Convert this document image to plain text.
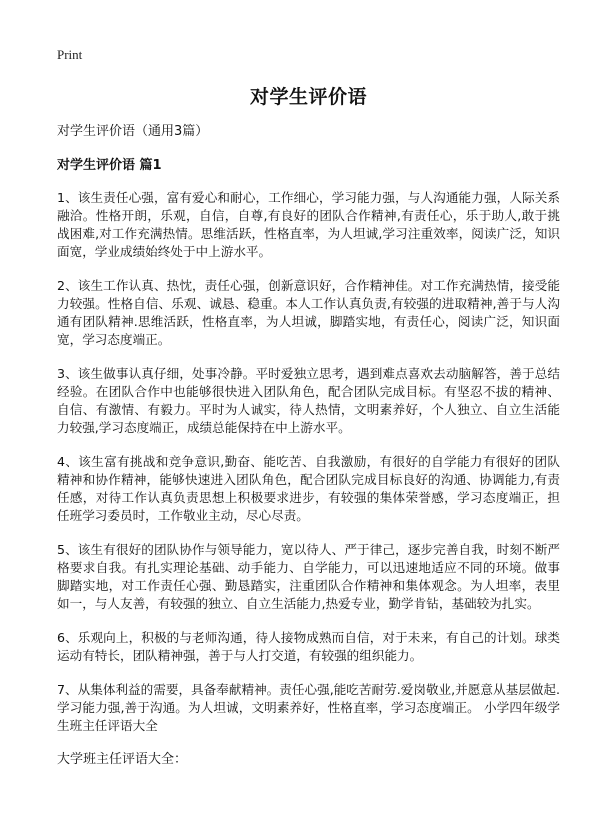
Print
对学生评价语

对学生评价语（通用3篇）

对学生评价语 篇1

1、该生责任心强，富有爱心和耐心，工作细心，学习能力强，与人沟通能力强，人际关系融洽。性格开朗，乐观，自信，自尊,有良好的团队合作精神,有责任心，乐于助人,敢于挑战困难,对工作充满热情。思维活跃，性格直率，为人坦诚,学习注重效率，阅读广泛，知识面宽，学业成绩始终处于中上游水平。

2、该生工作认真、热忱，责任心强，创新意识好，合作精神佳。对工作充满热情，接受能力较强。性格自信、乐观、诚恳、稳重。本人工作认真负责,有较强的进取精神,善于与人沟通有团队精神.思维活跃，性格直率，为人坦诚，脚踏实地，有责任心，阅读广泛，知识面宽，学习态度端正。

3、该生做事认真仔细，处事冷静。平时爱独立思考，遇到难点喜欢去动脑解答，善于总结经验。在团队合作中也能够很快进入团队角色，配合团队完成目标。有坚忍不拔的精神、自信、有激情、有毅力。平时为人诚实，待人热情，文明素养好，个人独立、自立生活能力较强,学习态度端正，成绩总能保持在中上游水平。

4、该生富有挑战和竞争意识,勤奋、能吃苦、自我激励，有很好的自学能力有很好的团队精神和协作精神，能够快速进入团队角色，配合团队完成目标良好的沟通、协调能力,有责任感，对待工作认真负责思想上积极要求进步，有较强的集体荣誉感，学习态度端正，担任班学习委员时，工作敬业主动，尽心尽责。

5、该生有很好的团队协作与领导能力，宽以待人、严于律己，逐步完善自我，时刻不断严格要求自我。有扎实理论基础、动手能力、自学能力，可以迅速地适应不同的环境。做事脚踏实地，对工作责任心强、勤恳踏实，注重团队合作精神和集体观念。为人坦率，表里如一，与人友善，有较强的独立、自立生活能力,热爱专业，勤学肯钻，基础较为扎实。

6、乐观向上，积极的与老师沟通，待人接物成熟而自信，对于未来，有自己的计划。球类运动有特长，团队精神强，善于与人打交道，有较强的组织能力。

7、从集体利益的需要，具备奉献精神。责任心强,能吃苦耐劳.爱岗敬业,并愿意从基层做起.学习能力强,善于沟通。为人坦诚，文明素养好，性格直率，学习态度端正。 小学四年级学生班主任评语大全

大学班主任评语大全：
